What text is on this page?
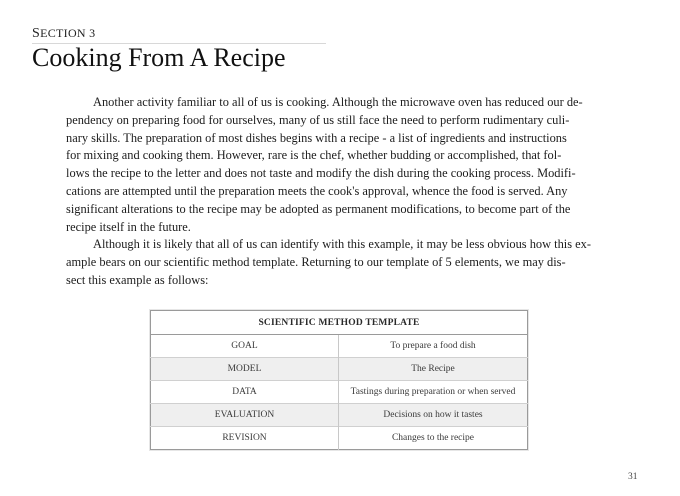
SECTION 3
Cooking From A Recipe
Another activity familiar to all of us is cooking. Although the microwave oven has reduced our de-
pendency on preparing food for ourselves, many of us still face the need to perform rudimentary culi-
nary skills. The preparation of most dishes begins with a recipe - a list of ingredients and instructions
for mixing and cooking them. However, rare is the chef, whether budding or accomplished, that fol-
lows the recipe to the letter and does not taste and modify the dish during the cooking process. Modifi-
cations are attempted until the preparation meets the cook's approval, whence the food is served. Any
significant alterations to the recipe may be adopted as permanent modifications, to become part of the
recipe itself in the future.
Although it is likely that all of us can identify with this example, it may be less obvious how this ex-
ample bears on our scientific method template. Returning to our template of 5 elements, we may dis-
sect this example as follows:
SCIENTIFIC METHOD TEMPLATE	
GOAL	To prepare a food dish
MODEL	The Recipe
DATA	Tastings during preparation or when served
EVALUATION	Decisions on how it tastes
REVISION	Changes to the recipe
31
